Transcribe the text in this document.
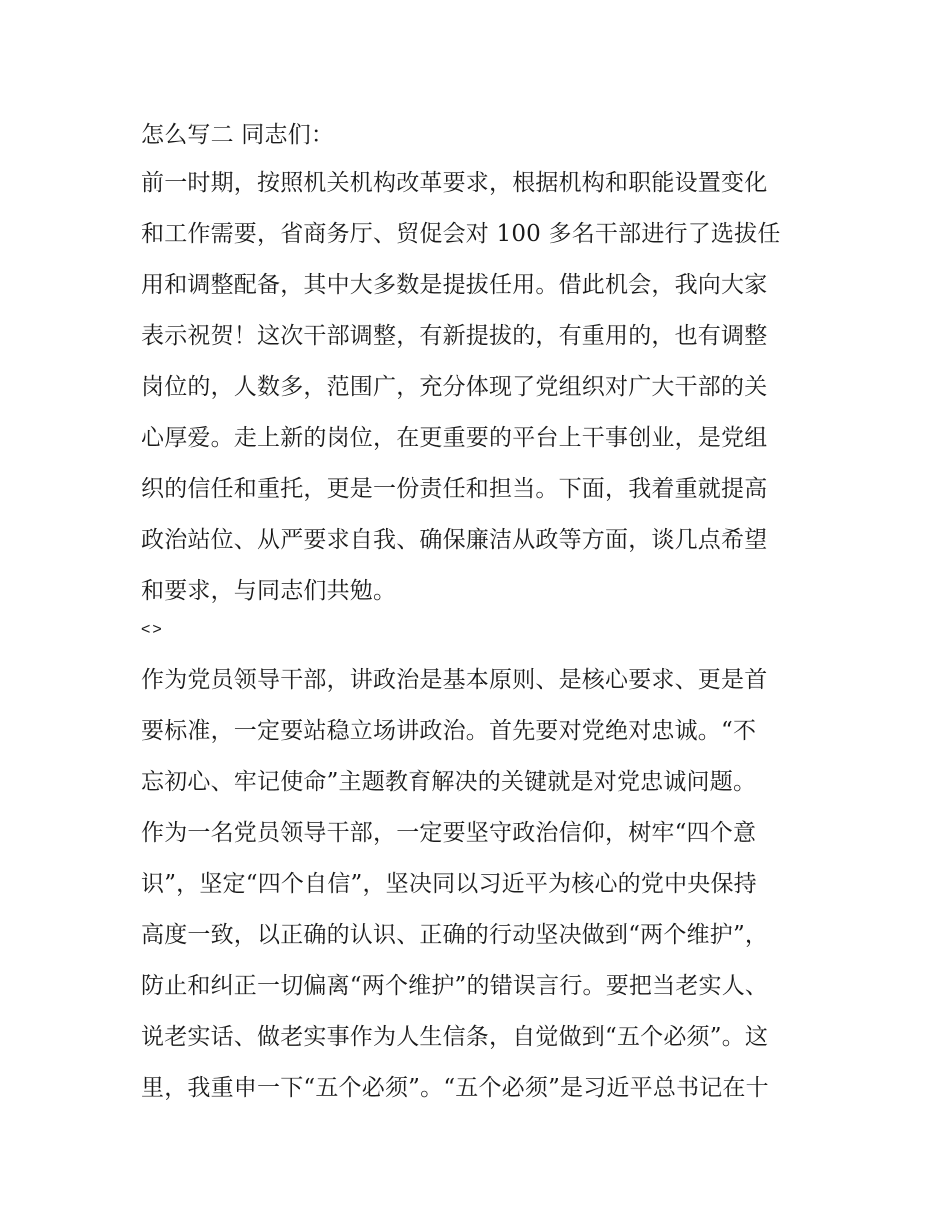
怎么写二 同志们：
前一时期，按照机关机构改革要求，根据机构和职能设置变化
和工作需要，省商务厅、贸促会对 100 多名干部进行了选拔任
用和调整配备，其中大多数是提拔任用。借此机会，我向大家
表示祝贺！这次干部调整，有新提拔的，有重用的，也有调整
岗位的，人数多，范围广，充分体现了党组织对广大干部的关
心厚爱。走上新的岗位，在更重要的平台上干事创业，是党组
织的信任和重托，更是一份责任和担当。下面，我着重就提高
政治站位、从严要求自我、确保廉洁从政等方面，谈几点希望
和要求，与同志们共勉。
<>
作为党员领导干部，讲政治是基本原则、是核心要求、更是首
要标准，一定要站稳立场讲政治。首先要对党绝对忠诚。“不
忘初心、牢记使命”主题教育解决的关键就是对党忠诚问题。
作为一名党员领导干部，一定要坚守政治信仰，树牢“四个意
识”，坚定“四个自信”，坚决同以习近平为核心的党中央保持
高度一致，以正确的认识、正确的行动坚决做到“两个维护”，
防止和纠正一切偏离“两个维护”的错误言行。要把当老实人、
说老实话、做老实事作为人生信条，自觉做到“五个必须”。这
里，我重申一下“五个必须”。“五个必须”是习近平总书记在十
